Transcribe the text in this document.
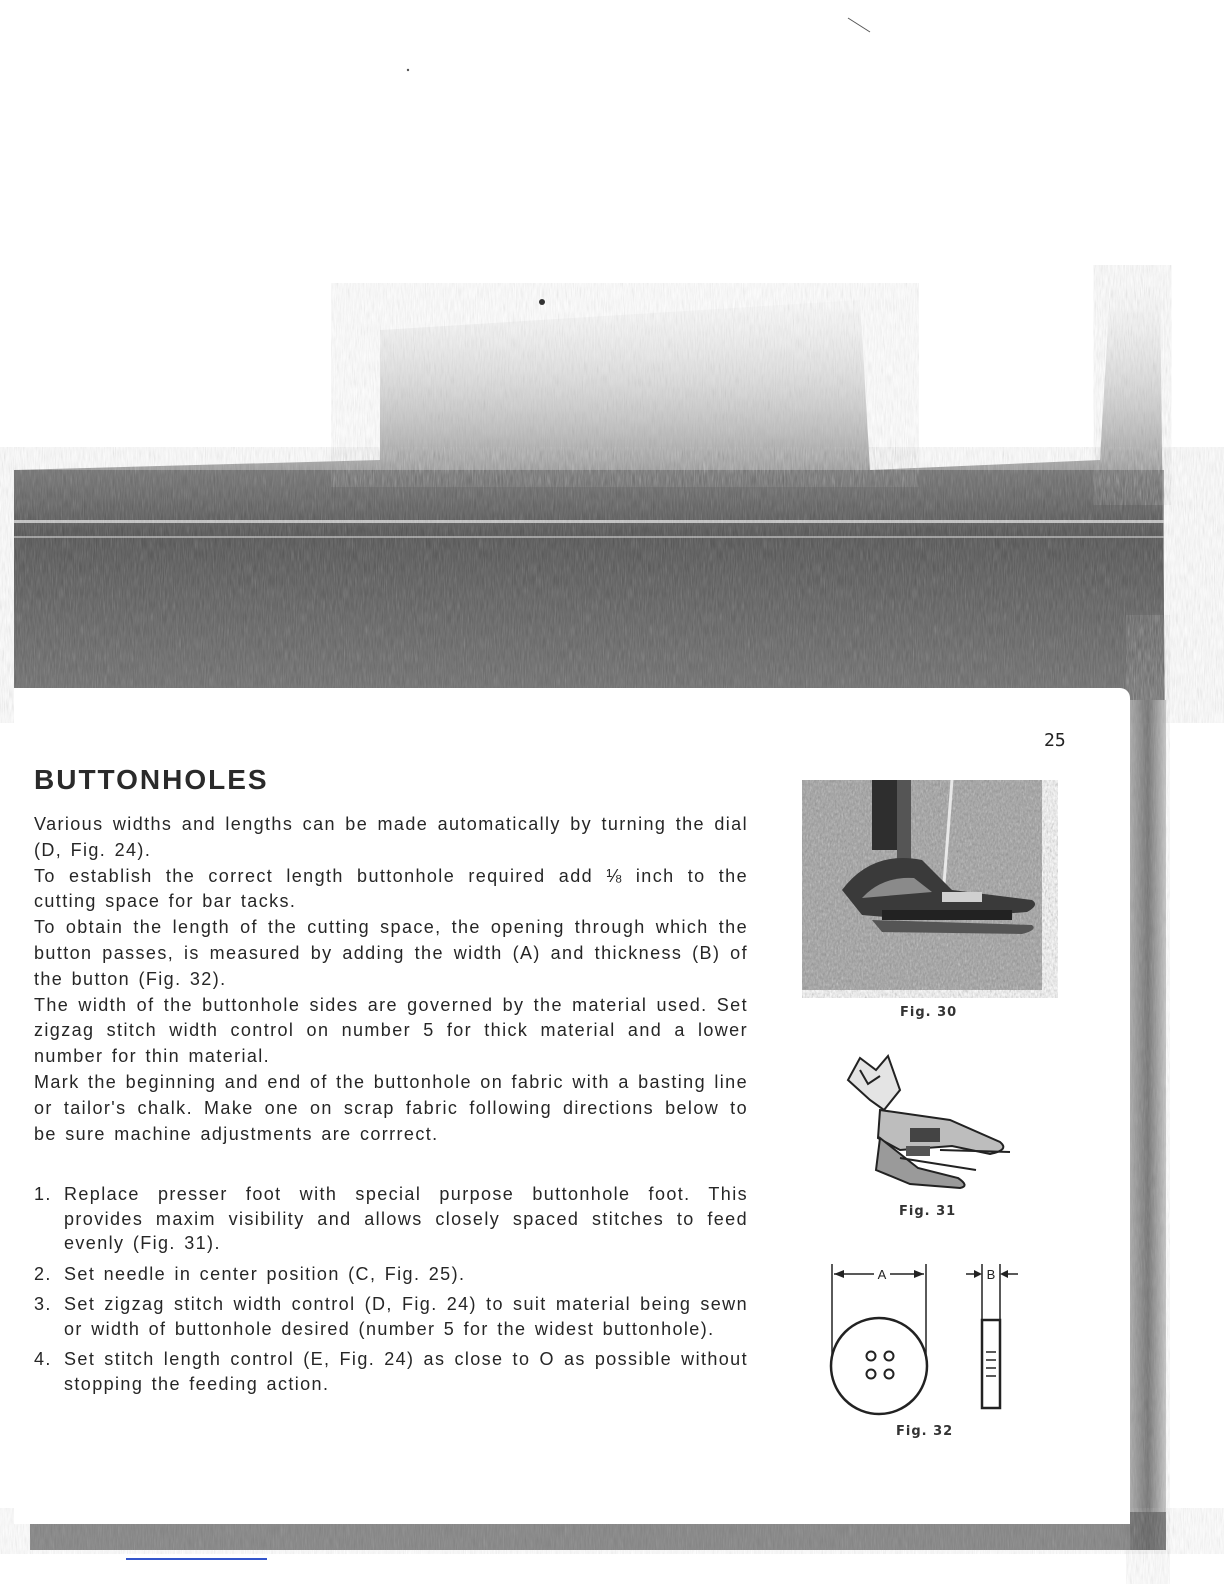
25
BUTTONHOLES

Various widths and lengths can be made automatically by turning the dial (D, Fig. 24).

To establish the correct length buttonhole required add ⅛ inch to the cutting space for bar tacks.

To obtain the length of the cutting space, the opening through which the button passes, is measured by adding the width (A) and thickness (B) of the button (Fig. 32).

The width of the buttonhole sides are governed by the material used. Set zigzag stitch width control on number 5 for thick material and a lower number for thin material.

Mark the beginning and end of the buttonhole on fabric with a basting line or tailor's chalk. Make one on scrap fabric following directions below to be sure machine adjustments are corrrect.

1. Replace presser foot with special purpose buttonhole foot. This provides maxim visibility and allows closely spaced stitches to feed evenly (Fig. 31).
2. Set needle in center position (C, Fig. 25).
3. Set zigzag stitch width control (D, Fig. 24) to suit material being sewn or width of buttonhole desired (number 5 for the widest buttonhole).
4. Set stitch length control (E, Fig. 24) as close to O as possible without stopping the feeding action.
Fig. 30
Fig. 31
A	B
Fig. 32
